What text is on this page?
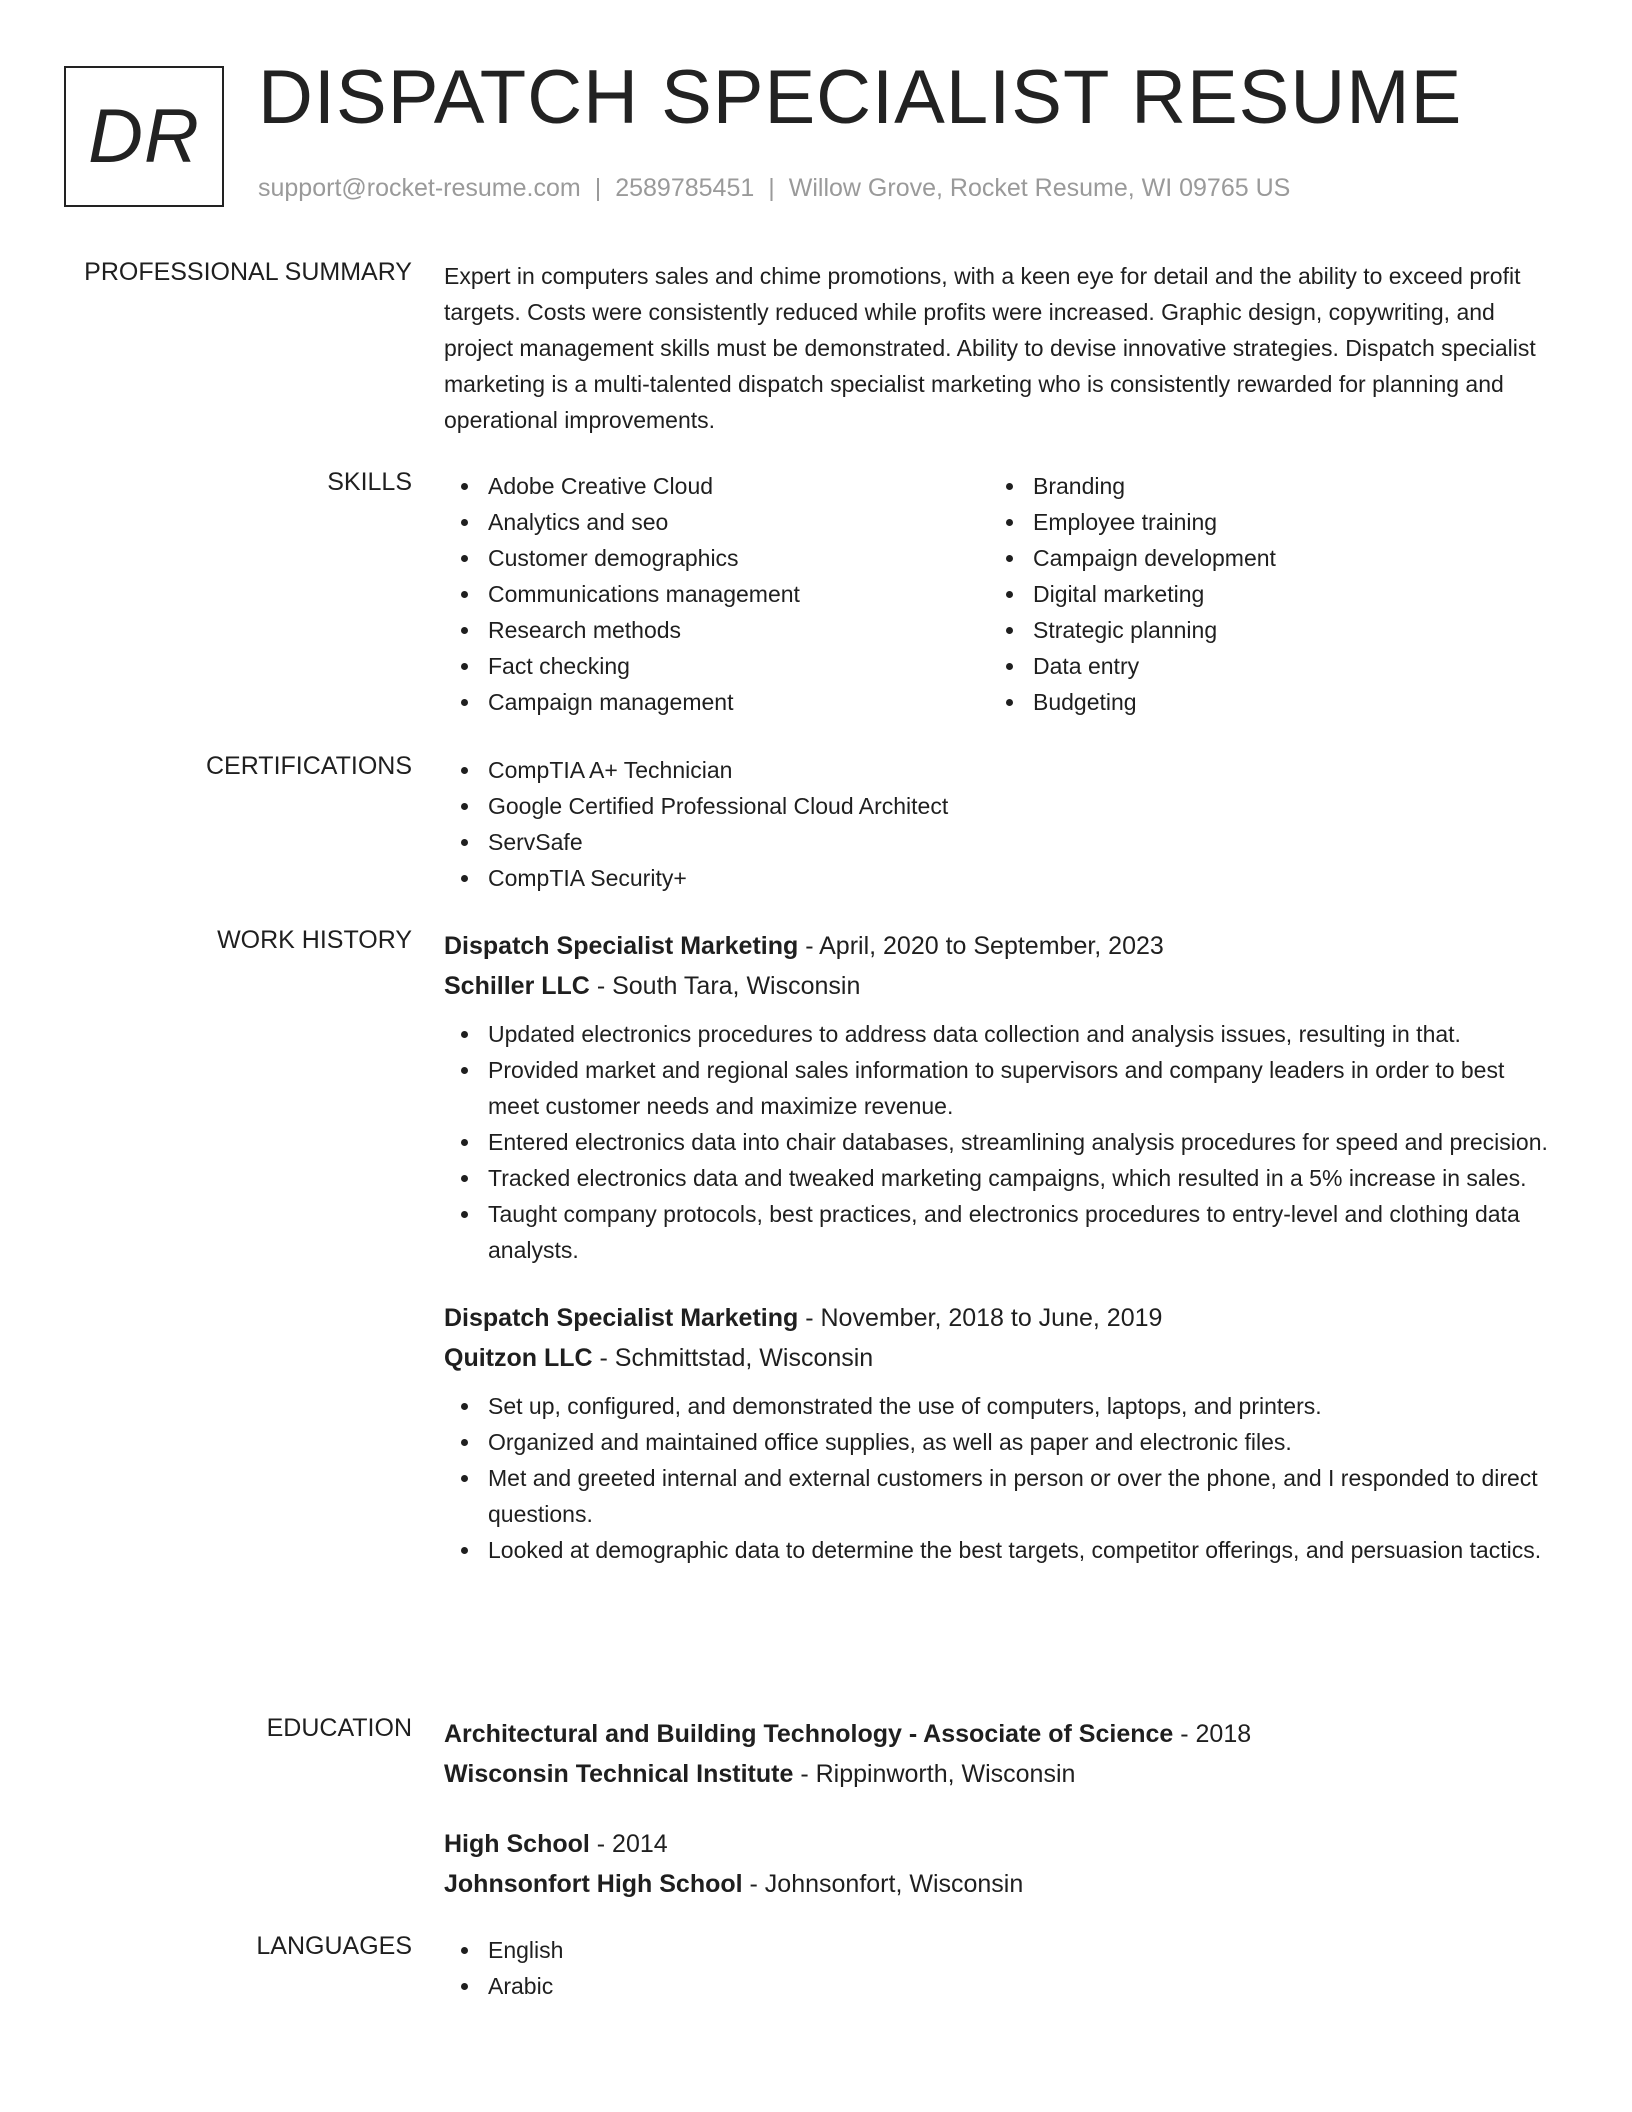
DR DISPATCH SPECIALIST RESUME
support@rocket-resume.com | 2589785451 | Willow Grove, Rocket Resume, WI 09765 US
PROFESSIONAL SUMMARY Expert in computers sales and chime promotions, with a keen eye for detail and the ability to exceed profit targets. Costs were consistently reduced while profits were increased. Graphic design, copywriting, and project management skills must be demonstrated. Ability to devise innovative strategies. Dispatch specialist marketing is a multi-talented dispatch specialist marketing who is consistently rewarded for planning and operational improvements.

SKILLS	Adobe Creative Cloud
Analytics and seo
Customer demographics
Communications management
Research methods
Fact checking
Campaign management
Branding
Employee training
Campaign development
Digital marketing
Strategic planning
Data entry
Budgeting
CERTIFICATIONS	CompTIA A+ Technician
Google Certified Professional Cloud Architect
ServSafe
CompTIA Security+
WORK HISTORY Dispatch Specialist Marketing - April, 2020 to September, 2023
Schiller LLC - South Tara, Wisconsin
Updated electronics procedures to address data collection and analysis issues, resulting in that.
Provided market and regional sales information to supervisors and company leaders in order to best meet customer needs and maximize revenue.
Entered electronics data into chair databases, streamlining analysis procedures for speed and precision.
Tracked electronics data and tweaked marketing campaigns, which resulted in a 5% increase in sales.
Taught company protocols, best practices, and electronics procedures to entry-level and clothing data analysts.
Dispatch Specialist Marketing - November, 2018 to June, 2019
Quitzon LLC - Schmittstad, Wisconsin
Set up, configured, and demonstrated the use of computers, laptops, and printers.
Organized and maintained office supplies, as well as paper and electronic files.
Met and greeted internal and external customers in person or over the phone, and I responded to direct questions.
Looked at demographic data to determine the best targets, competitor offerings, and persuasion tactics.
EDUCATION Architectural and Building Technology - Associate of Science - 2018
Wisconsin Technical Institute - Rippinworth, Wisconsin
High School - 2014
Johnsonfort High School - Johnsonfort, Wisconsin
LANGUAGES	English
Arabic
